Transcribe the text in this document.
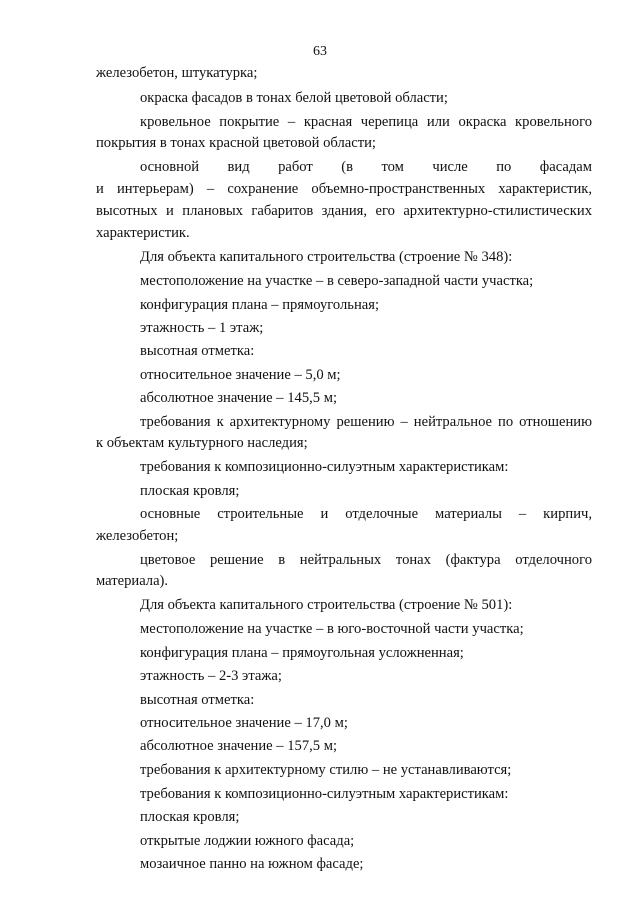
63
железобетон, штукатурка;
окраска фасадов в тонах белой цветовой области;
кровельное покрытие – красная черепица или окраска кровельного
покрытия в тонах красной цветовой области;
основной вид работ (в том числе по фасадам
и интерьерам) – сохранение объемно-пространственных характеристик,
высотных и плановых габаритов здания, его архитектурно-стилистических
характеристик.
Для объекта капитального строительства (строение № 348):
местоположение на участке – в северо-западной части участка;
конфигурация плана – прямоугольная;
этажность – 1 этаж;
высотная отметка:
относительное значение – 5,0 м;
абсолютное значение – 145,5 м;
требования к архитектурному решению – нейтральное по отношению
к объектам культурного наследия;
требования к композиционно-силуэтным характеристикам:
плоская кровля;
основные строительные и отделочные материалы – кирпич,
железобетон;
цветовое решение в нейтральных тонах (фактура отделочного
материала).
Для объекта капитального строительства (строение № 501):
местоположение на участке – в юго-восточной части участка;
конфигурация плана – прямоугольная усложненная;
этажность – 2-3 этажа;
высотная отметка:
относительное значение – 17,0 м;
абсолютное значение – 157,5 м;
требования к архитектурному стилю – не устанавливаются;
требования к композиционно-силуэтным характеристикам:
плоская кровля;
открытые лоджии южного фасада;
мозаичное панно на южном фасаде;
